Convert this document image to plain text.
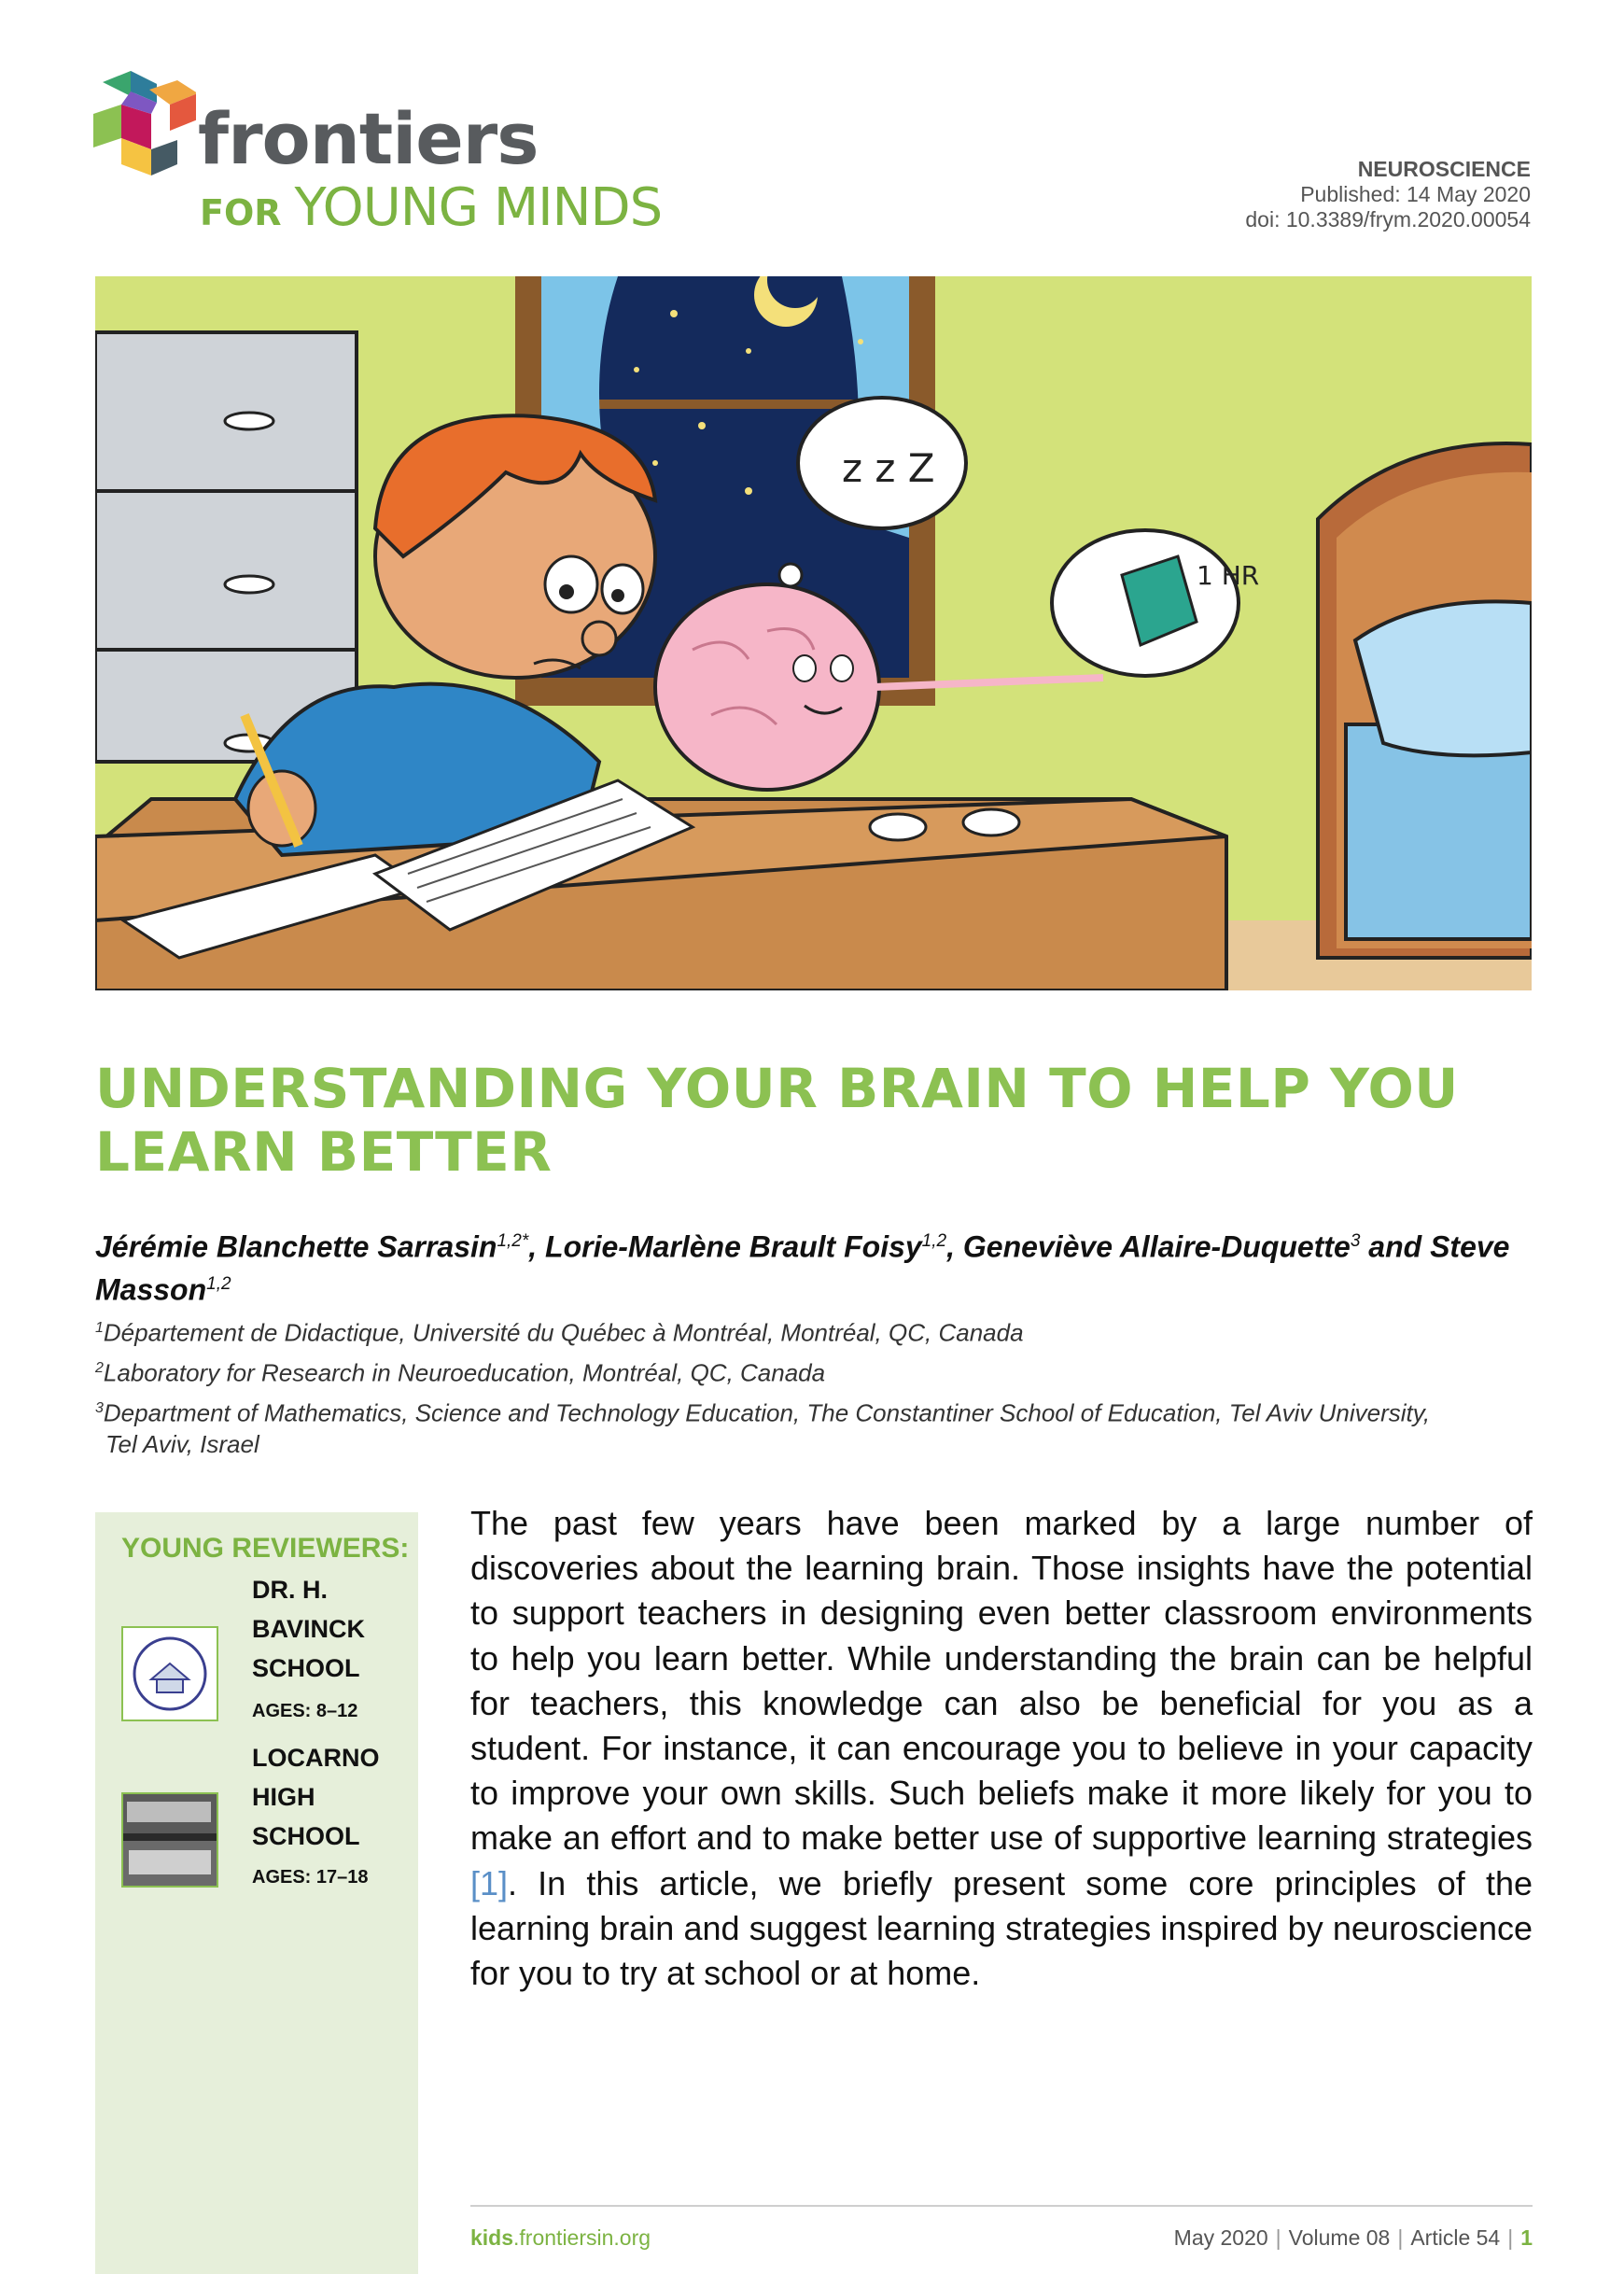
frontiers
FOR YOUNG MINDS
NEUROSCIENCE
Published: 14 May 2020
doi: 10.3389/frym.2020.00054
z z Z
1 HR
UNDERSTANDING YOUR BRAIN TO HELP YOU LEARN BETTER
Jérémie Blanchette Sarrasin$^{1,2*}$, Lorie-Marlène Brault Foisy$^{1,2}$, Geneviève Allaire-Duquette$^3$ and Steve Masson$^{1,2}$
$^1$Département de Didactique, Université du Québec à Montréal, Montréal, QC, Canada
$^2$Laboratory for Research in Neuroeducation, Montréal, QC, Canada
$^3$Department of Mathematics, Science and Technology Education, The Constantiner School of Education, Tel Aviv University,
Tel Aviv, Israel
YOUNG REVIEWERS:
DR. H.
BAVINCK
SCHOOL
AGES: 8–12
LOCARNO
HIGH
SCHOOL
AGES: 17–18
The past few years have been marked by a large number of discoveries about the learning brain. Those insights have the potential to support teachers in designing even better classroom environments to help you learn better. While understanding the brain can be helpful for teachers, this knowledge can also be beneficial for you as a student. For instance, it can encourage you to believe in your capacity to improve your own skills. Such beliefs make it more likely for you to make an effort and to make better use of supportive learning strategies [1]. In this article, we briefly present some core principles of the learning brain and suggest learning strategies inspired by neuroscience for you to try at school or at home.
kids.frontiersin.org	May 2020 | Volume 08 | Article 54 | 1
